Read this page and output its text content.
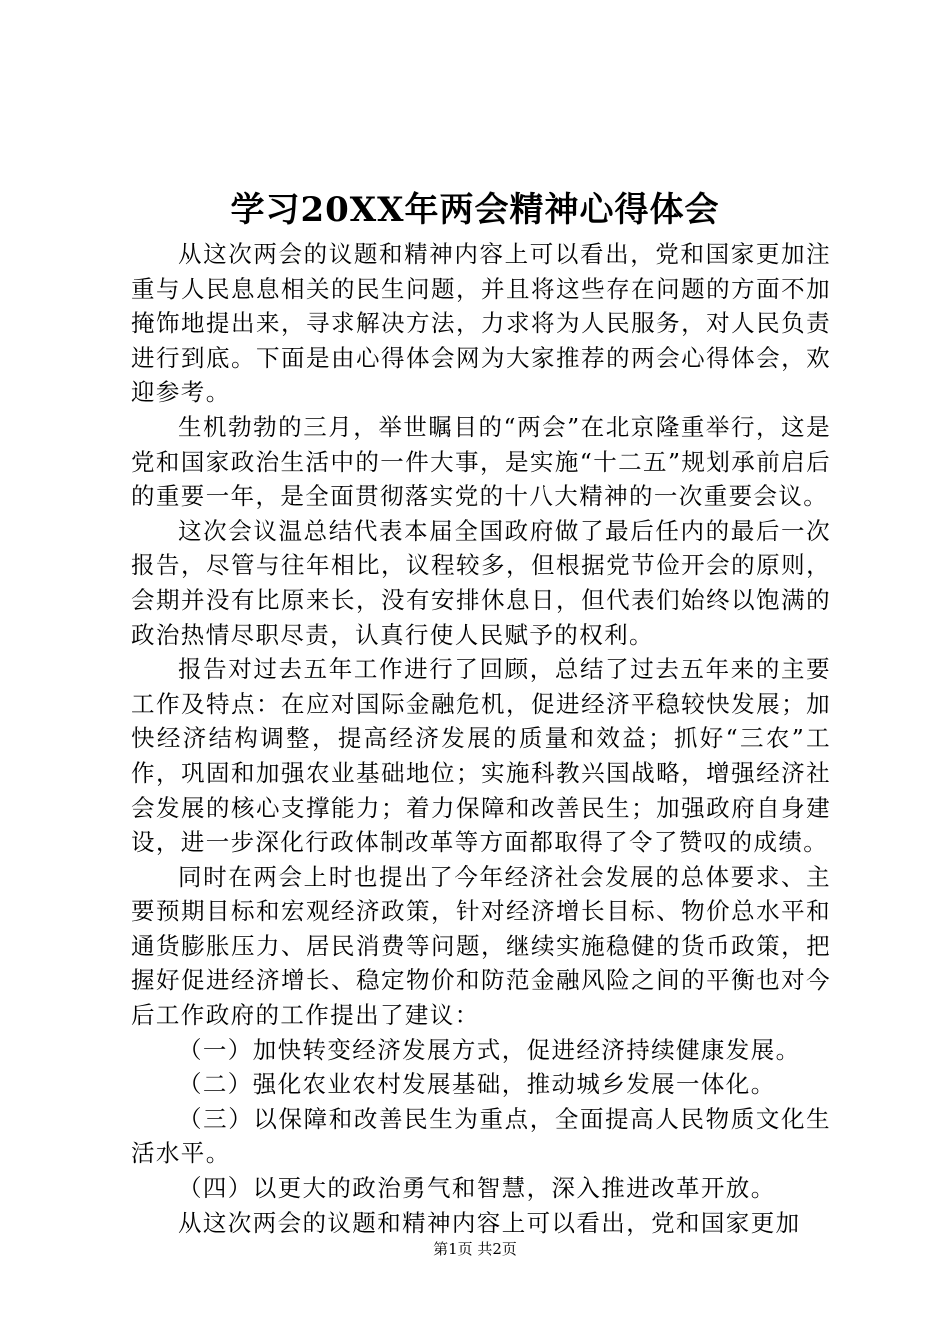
学习20XX年两会精神心得体会

从这次两会的议题和精神内容上可以看出，党和国家更加注重与人民息息相关的民生问题，并且将这些存在问题的方面不加掩饰地提出来，寻求解决方法，力求将为人民服务，对人民负责进行到底。下面是由心得体会网为大家推荐的两会心得体会，欢迎参考。

生机勃勃的三月，举世瞩目的“两会”在北京隆重举行，这是党和国家政治生活中的一件大事，是实施“十二五”规划承前启后的重要一年，是全面贯彻落实党的十八大精神的一次重要会议。

这次会议温总结代表本届全国政府做了最后任内的最后一次报告，尽管与往年相比，议程较多，但根据党节俭开会的原则，会期并没有比原来长，没有安排休息日，但代表们始终以饱满的政治热情尽职尽责，认真行使人民赋予的权利。

报告对过去五年工作进行了回顾，总结了过去五年来的主要工作及特点：在应对国际金融危机，促进经济平稳较快发展；加快经济结构调整，提高经济发展的质量和效益；抓好“三农”工作，巩固和加强农业基础地位；实施科教兴国战略，增强经济社会发展的核心支撑能力；着力保障和改善民生；加强政府自身建设，进一步深化行政体制改革等方面都取得了令了赞叹的成绩。

同时在两会上时也提出了今年经济社会发展的总体要求、主要预期目标和宏观经济政策，针对经济增长目标、物价总水平和通货膨胀压力、居民消费等问题，继续实施稳健的货币政策，把握好促进经济增长、稳定物价和防范金融风险之间的平衡也对今后工作政府的工作提出了建议：

（一）加快转变经济发展方式，促进经济持续健康发展。

（二）强化农业农村发展基础，推动城乡发展一体化。

（三）以保障和改善民生为重点，全面提高人民物质文化生活水平。

（四）以更大的政治勇气和智慧，深入推进改革开放。

从这次两会的议题和精神内容上可以看出，党和国家更加

第1页 共2页
